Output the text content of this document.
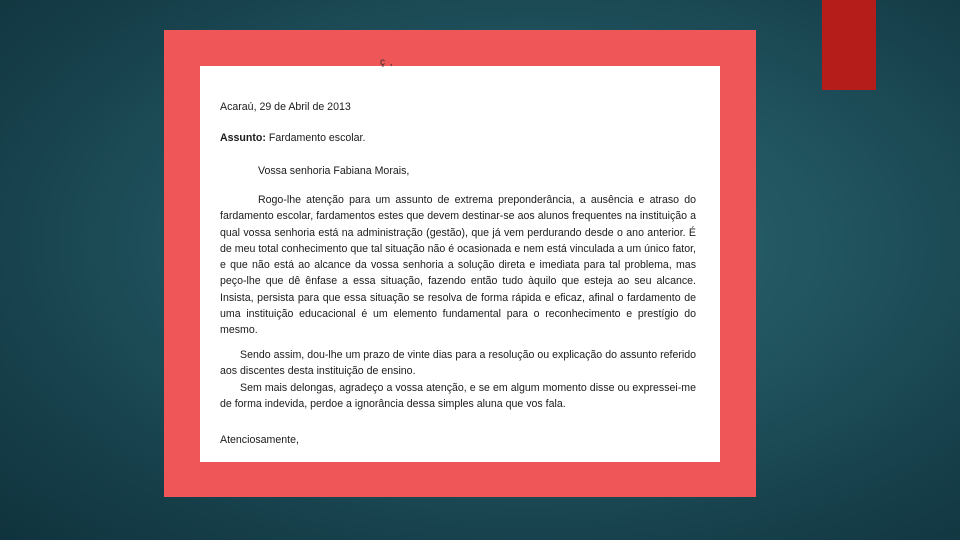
ç ,
Acaraú, 29 de Abril de 2013
Assunto: Fardamento escolar.
Vossa senhoria Fabiana Morais,
Rogo-lhe atenção para um assunto de extrema preponderância, a ausência e atraso do fardamento escolar, fardamentos estes que devem destinar-se aos alunos frequentes na instituição a qual vossa senhoria está na administração (gestão), que já vem perdurando desde o ano anterior. É de meu total conhecimento que tal situação não é ocasionada e nem está vinculada a um único fator, e que não está ao alcance da vossa senhoria a solução direta e imediata para tal problema, mas peço-lhe que dê ênfase a essa situação, fazendo então tudo àquilo que esteja ao seu alcance. Insista, persista para que essa situação se resolva de forma rápida e eficaz, afinal o fardamento de uma instituição educacional é um elemento fundamental para o reconhecimento e prestígio do mesmo.
Sendo assim, dou-lhe um prazo de vinte dias para a resolução ou explicação do assunto referido aos discentes desta instituição de ensino.
Sem mais delongas, agradeço a vossa atenção, e se em algum momento disse ou expressei-me de forma indevida, perdoe a ignorância dessa simples aluna que vos fala.
Atenciosamente,
